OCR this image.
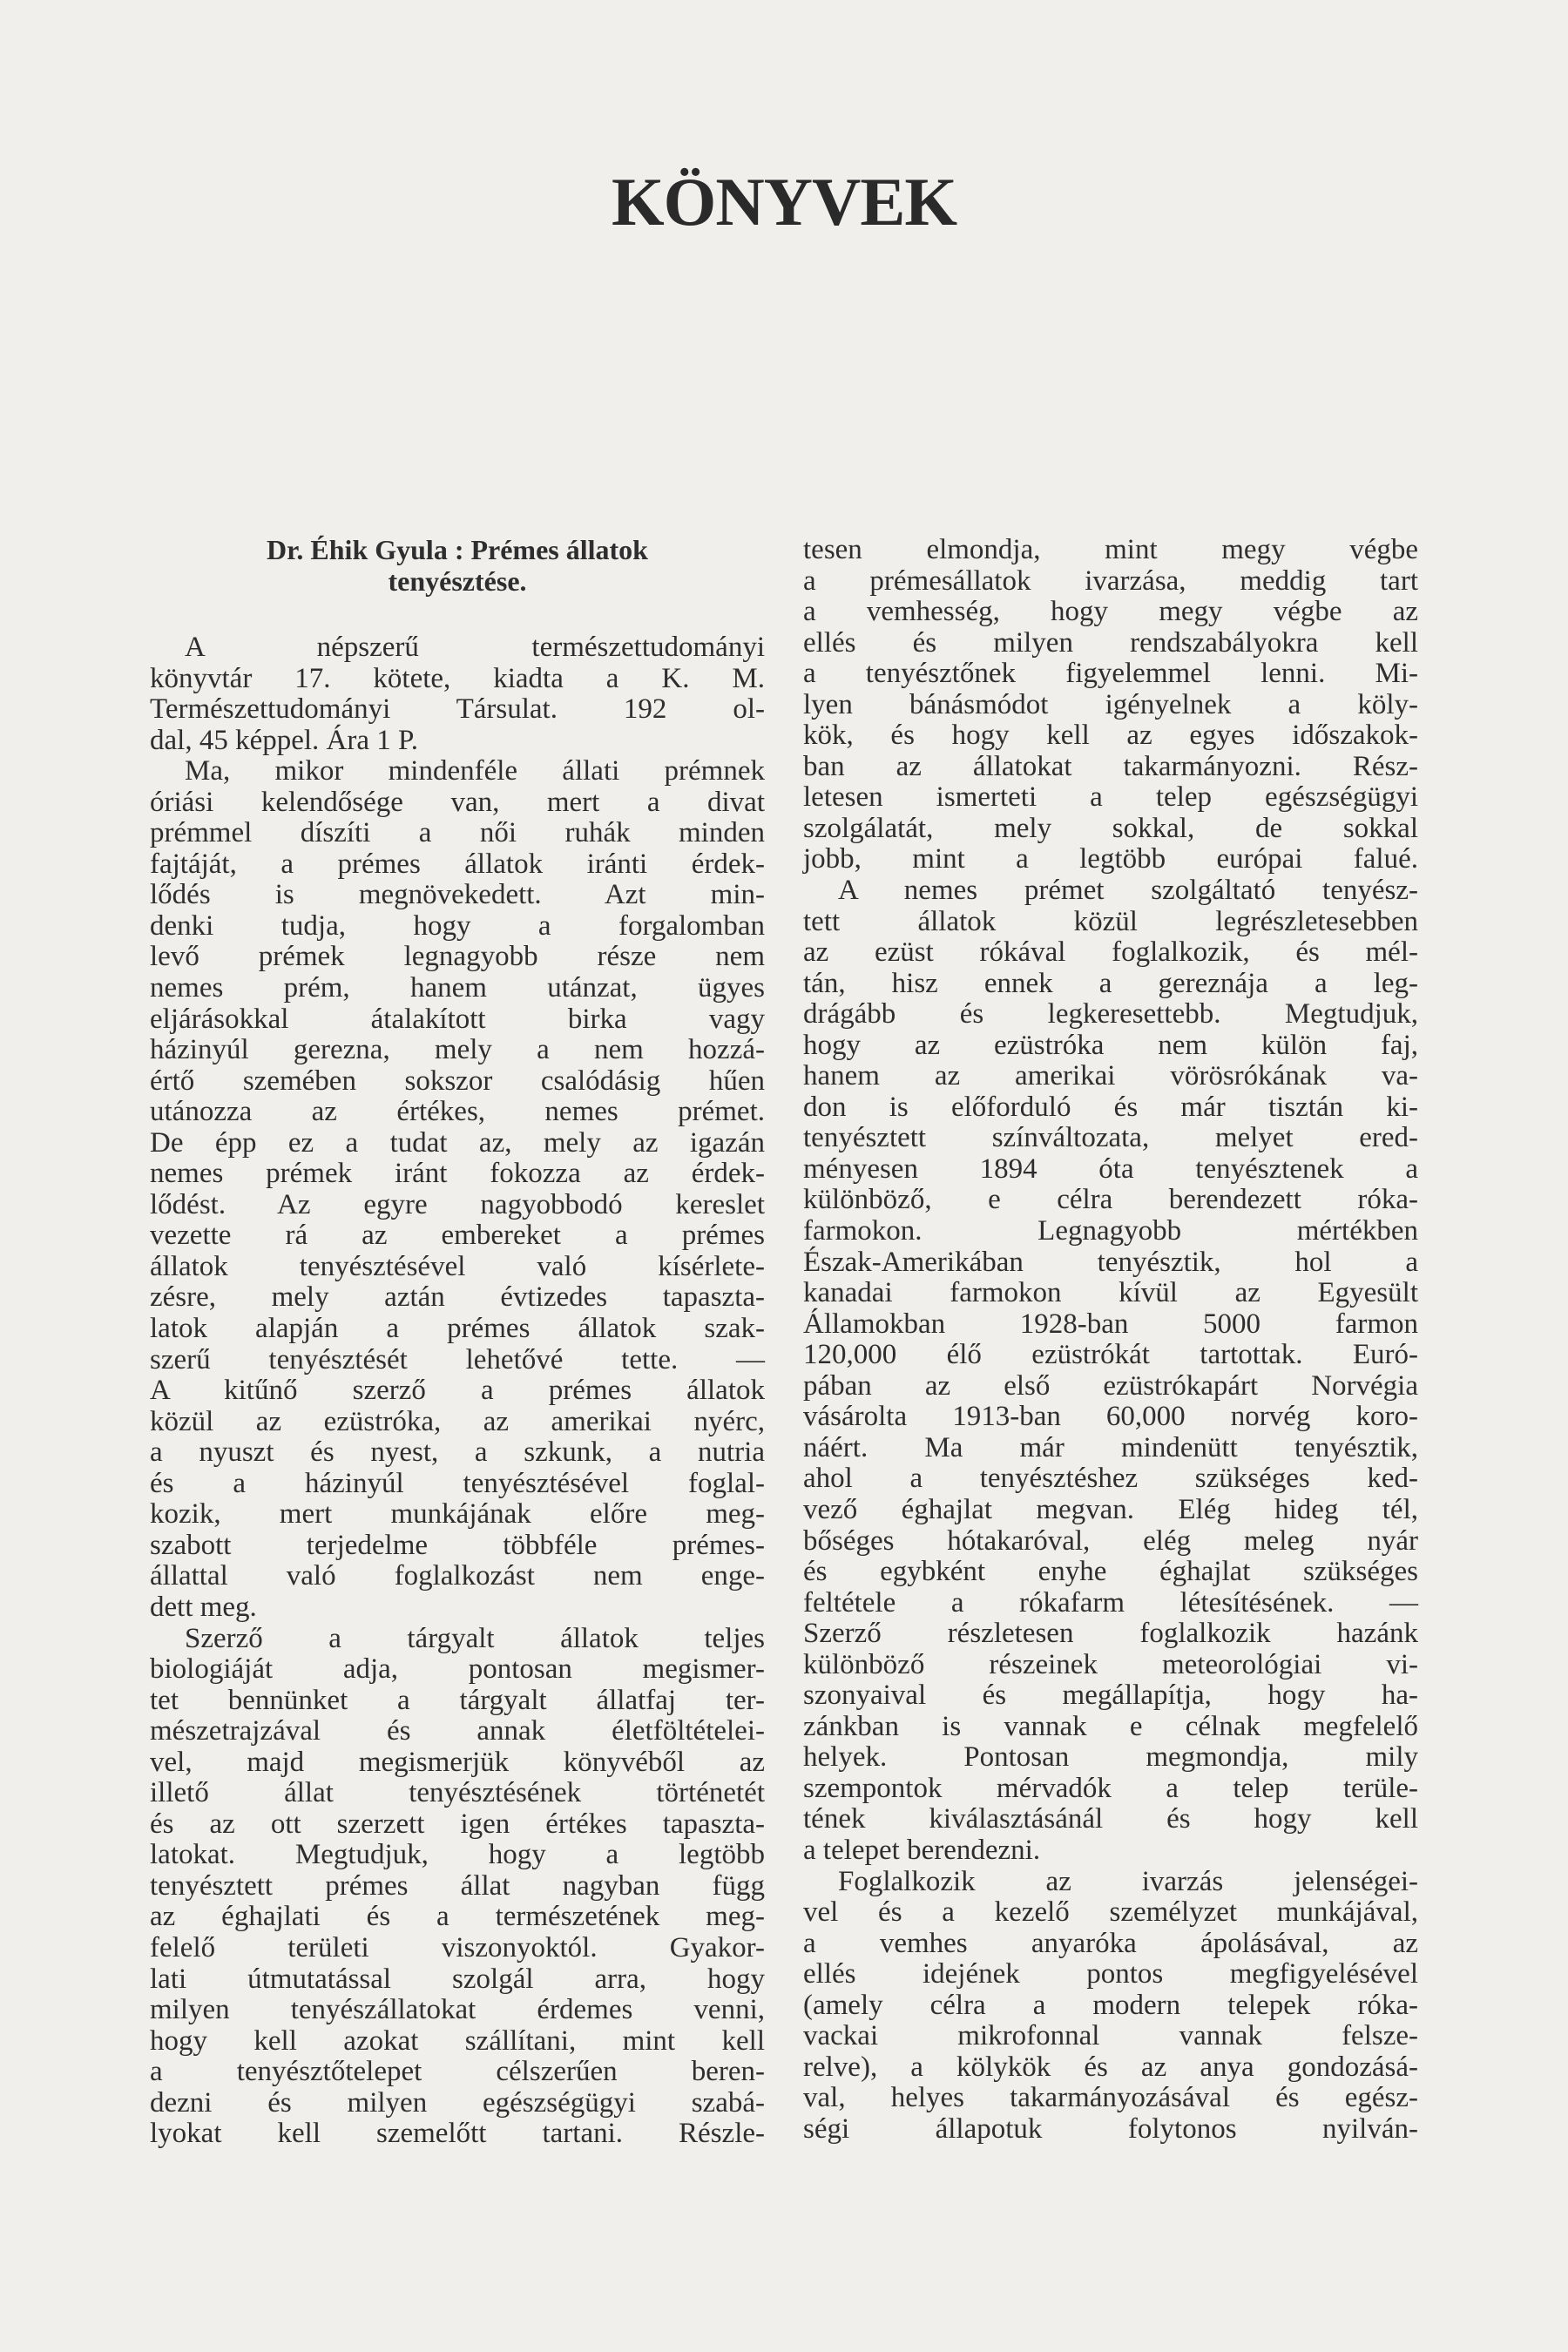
KÖNYVEK
Dr. Éhik Gyula : Prémes állatok
tenyésztése.
A népszerű természettudományi
könyvtár 17. kötete, kiadta a K. M.
Természettudományi Társulat. 192 ol-
dal, 45 képpel. Ára 1 P.
Ma, mikor mindenféle állati prémnek
óriási kelendősége van, mert a divat
prémmel díszíti a női ruhák minden
fajtáját, a prémes állatok iránti érdek-
lődés is megnövekedett. Azt min-
denki tudja, hogy a forgalomban
levő prémek legnagyobb része nem
nemes prém, hanem utánzat, ügyes
eljárásokkal átalakított birka vagy
házinyúl gerezna, mely a nem hozzá-
értő szemében sokszor csalódásig hűen
utánozza az értékes, nemes prémet.
De épp ez a tudat az, mely az igazán
nemes prémek iránt fokozza az érdek-
lődést. Az egyre nagyobbodó kereslet
vezette rá az embereket a prémes
állatok tenyésztésével való kísérlete-
zésre, mely aztán évtizedes tapaszta-
latok alapján a prémes állatok szak-
szerű tenyésztését lehetővé tette. —
A kitűnő szerző a prémes állatok
közül az ezüstróka, az amerikai nyérc,
a nyuszt és nyest, a szkunk, a nutria
és a házinyúl tenyésztésével foglal-
kozik, mert munkájának előre meg-
szabott terjedelme többféle prémes-
állattal való foglalkozást nem enge-
dett meg.
Szerző a tárgyalt állatok teljes
biologiáját adja, pontosan megismer-
tet bennünket a tárgyalt állatfaj ter-
mészetrajzával és annak életföltételei-
vel, majd megismerjük könyvéből az
illető állat tenyésztésének történetét
és az ott szerzett igen értékes tapaszta-
latokat. Megtudjuk, hogy a legtöbb
tenyésztett prémes állat nagyban függ
az éghajlati és a természetének meg-
felelő területi viszonyoktól. Gyakor-
lati útmutatással szolgál arra, hogy
milyen tenyészállatokat érdemes venni,
hogy kell azokat szállítani, mint kell
a tenyésztőtelepet célszerűen beren-
dezni és milyen egészségügyi szabá-
lyokat kell szemelőtt tartani. Részle-
tesen elmondja, mint megy végbe
a prémesállatok ivarzása, meddig tart
a vemhesség, hogy megy végbe az
ellés és milyen rendszabályokra kell
a tenyésztőnek figyelemmel lenni. Mi-
lyen bánásmódot igényelnek a köly-
kök, és hogy kell az egyes időszakok-
ban az állatokat takarmányozni. Rész-
letesen ismerteti a telep egészségügyi
szolgálatát, mely sokkal, de sokkal
jobb, mint a legtöbb európai falué.
A nemes prémet szolgáltató tenyész-
tett állatok közül legrészletesebben
az ezüst rókával foglalkozik, és mél-
tán, hisz ennek a gereznája a leg-
drágább és legkeresettebb. Megtudjuk,
hogy az ezüstróka nem külön faj,
hanem az amerikai vörösrókának va-
don is előforduló és már tisztán ki-
tenyésztett színváltozata, melyet ered-
ményesen 1894 óta tenyésztenek a
különböző, e célra berendezett róka-
farmokon. Legnagyobb mértékben
Észak-Amerikában tenyésztik, hol a
kanadai farmokon kívül az Egyesült
Államokban 1928-ban 5000 farmon
120,000 élő ezüstrókát tartottak. Euró-
pában az első ezüstrókapárt Norvégia
vásárolta 1913-ban 60,000 norvég koro-
náért. Ma már mindenütt tenyésztik,
ahol a tenyésztéshez szükséges ked-
vező éghajlat megvan. Elég hideg tél,
bőséges hótakaróval, elég meleg nyár
és egybként enyhe éghajlat szükséges
feltétele a rókafarm létesítésének. —
Szerző részletesen foglalkozik hazánk
különböző részeinek meteorológiai vi-
szonyaival és megállapítja, hogy ha-
zánkban is vannak e célnak megfelelő
helyek. Pontosan megmondja, mily
szempontok mérvadók a telep terüle-
tének kiválasztásánál és hogy kell
a telepet berendezni.
Foglalkozik az ivarzás jelenségei-
vel és a kezelő személyzet munkájával,
a vemhes anyaróka ápolásával, az
ellés idejének pontos megfigyelésével
(amely célra a modern telepek róka-
vackai mikrofonnal vannak felsze-
relve), a kölykök és az anya gondozásá-
val, helyes takarmányozásával és egész-
ségi állapotuk folytonos nyilván-
